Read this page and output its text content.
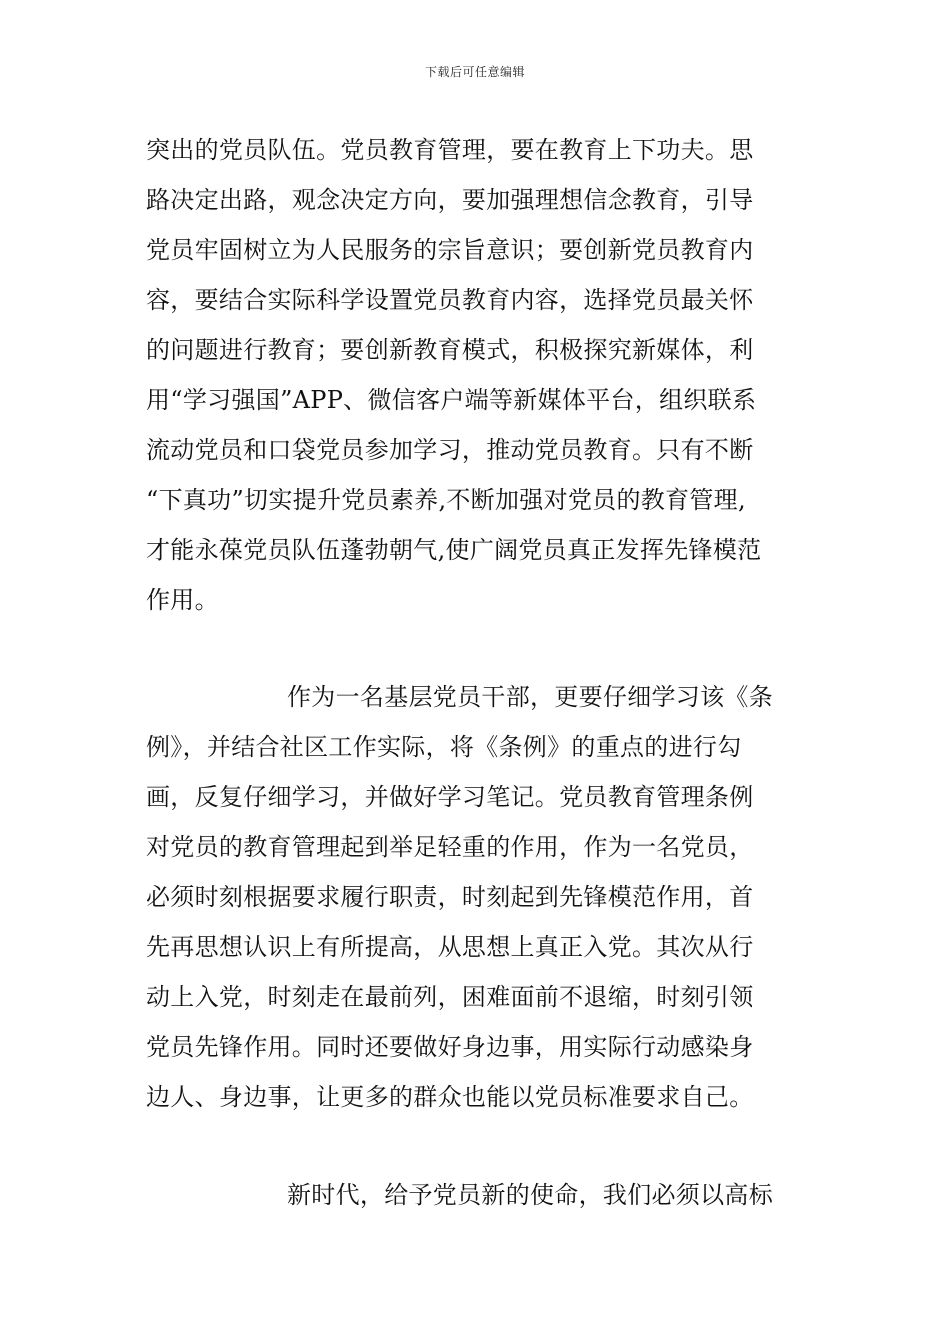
下载后可任意编辑
突出的党员队伍。党员教育管理，要在教育上下功夫。思
路决定出路，观念决定方向，要加强理想信念教育，引导
党员牢固树立为人民服务的宗旨意识；要创新党员教育内
容，要结合实际科学设置党员教育内容，选择党员最关怀
的问题进行教育；要创新教育模式，积极探究新媒体，利
用“学习强国”APP、微信客户端等新媒体平台，组织联系
流动党员和口袋党员参加学习，推动党员教育。只有不断
“下真功”切实提升党员素养,不断加强对党员的教育管理,
才能永葆党员队伍蓬勃朝气,使广阔党员真正发挥先锋模范
作用。
作为一名基层党员干部，更要仔细学习该《条
例》，并结合社区工作实际，将《条例》的重点的进行勾
画，反复仔细学习，并做好学习笔记。党员教育管理条例
对党员的教育管理起到举足轻重的作用，作为一名党员，
必须时刻根据要求履行职责，时刻起到先锋模范作用，首
先再思想认识上有所提高，从思想上真正入党。其次从行
动上入党，时刻走在最前列，困难面前不退缩，时刻引领
党员先锋作用。同时还要做好身边事，用实际行动感染身
边人、身边事，让更多的群众也能以党员标准要求自己。
新时代，给予党员新的使命，我们必须以高标
